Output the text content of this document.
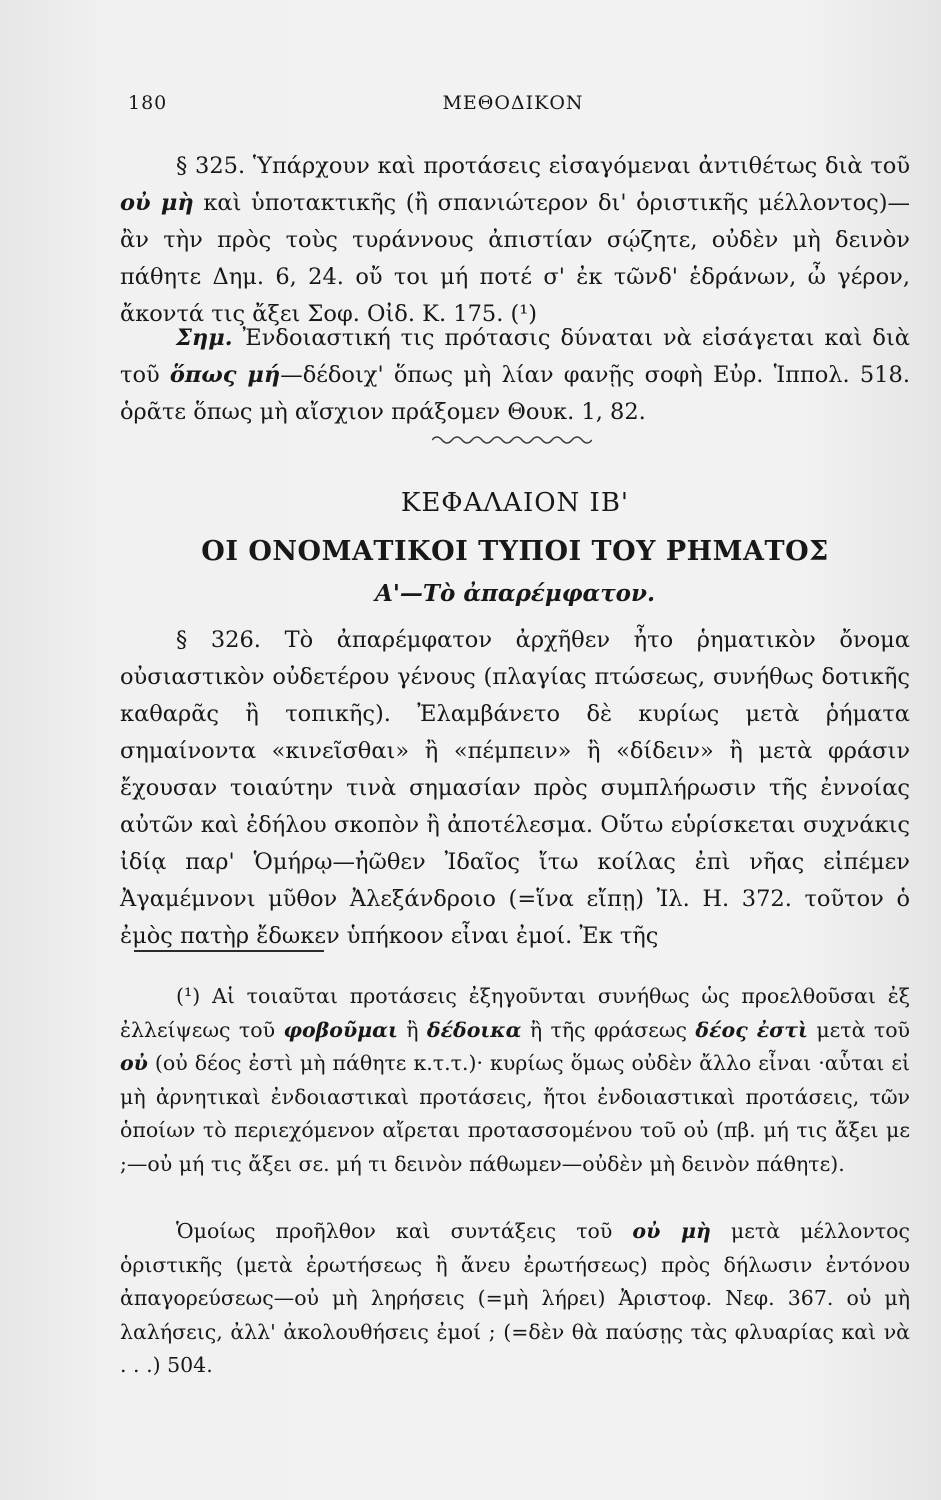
180	ΜΕΘΟΔΙΚΟΝ

§ 325. Ὑπάρχουν καὶ προτάσεις εἰσαγόμεναι ἀντιθέτως διὰ τοῦ οὐ μὴ καὶ ὑποτακτικῆς (ἢ σπανιώτερον δι' ὁριστικῆς μέλλοντος)—ἂν τὴν πρὸς τοὺς τυράννους ἀπιστίαν σῴζητε, οὐδὲν μὴ δεινὸν πάθητε Δημ. 6, 24. οὔ τοι μή ποτέ σ' ἐκ τῶνδ' ἑδράνων, ὦ γέρον, ἄκοντά τις ἄξει Σοφ. Οἰδ. Κ. 175. (¹)

Σημ. Ἐνδοιαστική τις πρότασις δύναται νὰ εἰσάγεται καὶ διὰ τοῦ ὅπως μή—δέδοιχ' ὅπως μὴ λίαν φανῇς σοφὴ Εὐρ. Ἱππολ. 518. ὁρᾶτε ὅπως μὴ αἴσχιον πράξομεν Θουκ. 1, 82.

ΚΕΦΑΛΑΙΟΝ ΙΒ'

ΟΙ ΟΝΟΜΑΤΙΚΟΙ ΤΥΠΟΙ ΤΟΥ ΡΗΜΑΤΟΣ

Α'—Τὸ ἀπαρέμφατον.

§ 326. Τὸ ἀπαρέμφατον ἀρχῆθεν ἦτο ῥηματικὸν ὄνομα οὐσιαστικὸν οὐδετέρου γένους (πλαγίας πτώσεως, συνήθως δοτικῆς καθαρᾶς ἢ τοπικῆς). Ἐλαμβάνετο δὲ κυρίως μετὰ ῥήματα σημαίνοντα «κινεῖσθαι» ἢ «πέμπειν» ἢ «δίδειν» ἢ μετὰ φράσιν ἔχουσαν τοιαύτην τινὰ σημασίαν πρὸς συμπλήρωσιν τῆς ἐννοίας αὐτῶν καὶ ἐδήλου σκοπὸν ἢ ἀποτέλεσμα. Οὕτω εὑρίσκεται συχνάκις ἰδίᾳ παρ' Ὁμήρῳ—ἠῶθεν Ἰδαῖος ἴτω κοίλας ἐπὶ νῆας εἰπέμεν Ἀγαμέμνονι μῦθον Ἀλεξάνδροιο (=ἵνα εἴπῃ) Ἰλ. Η. 372. τοῦτον ὁ ἐμὸς πατὴρ ἔδωκεν ὑπήκοον εἶναι ἐμοί. Ἐκ τῆς

(¹) Αἱ τοιαῦται προτάσεις ἐξηγοῦνται συνήθως ὡς προελθοῦσαι ἐξ ἐλλείψεως τοῦ φοβοῦμαι ἢ δέδοικα ἢ τῆς φράσεως δέος ἐστὶ μετὰ τοῦ οὐ (οὐ δέος ἐστὶ μὴ πάθητε κ.τ.τ.)· κυρίως ὅμως οὐδὲν ἄλλο εἶναι ·αὗται εἰ μὴ ἀρνητικαὶ ἐνδοιαστικαὶ προτάσεις, ἤτοι ἐνδοιαστικαὶ προτάσεις, τῶν ὁποίων τὸ περιεχόμενον αἴρεται προτασσομένου τοῦ οὐ (πβ. μή τις ἄξει με ;—οὐ μή τις ἄξει σε. μή τι δεινὸν πάθωμεν—οὐδὲν μὴ δεινὸν πάθητε).

Ὁμοίως προῆλθον καὶ συντάξεις τοῦ οὐ μὴ μετὰ μέλλοντος ὁριστικῆς (μετὰ ἐρωτήσεως ἢ ἄνευ ἐρωτήσεως) πρὸς δήλωσιν ἐντόνου ἀπαγορεύσεως—οὐ μὴ ληρήσεις (=μὴ λήρει) Ἀριστοφ. Νεφ. 367. οὐ μὴ λαλήσεις, ἀλλ' ἀκολουθήσεις ἐμοί ; (=δὲν θὰ παύσῃς τὰς φλυαρίας καὶ νὰ . . .) 504.
